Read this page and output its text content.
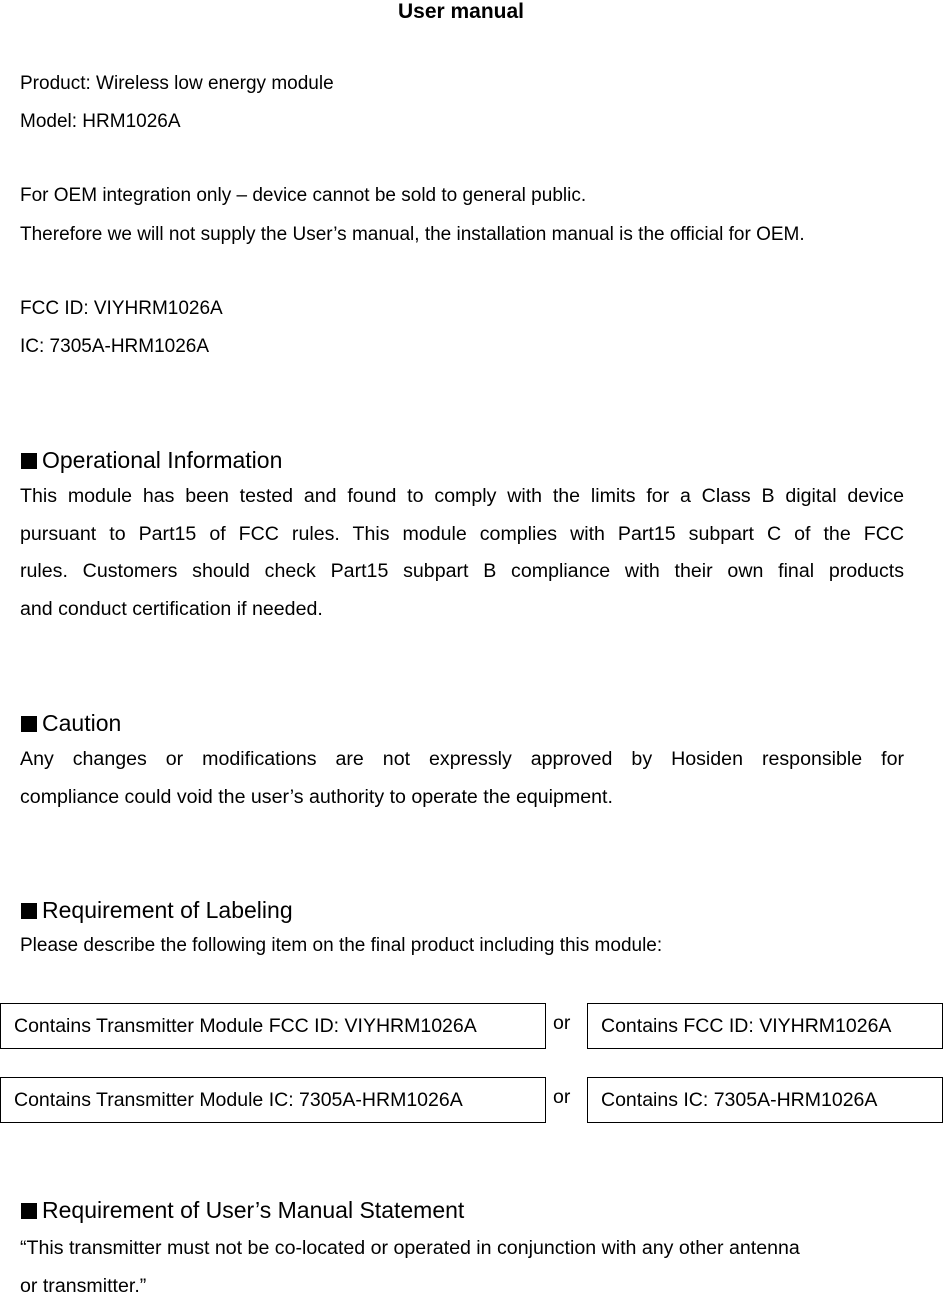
User manual
Product: Wireless low energy module
Model: HRM1026A
For OEM integration only – device cannot be sold to general public.
Therefore we will not supply the User’s manual, the installation manual is the official for OEM.
FCC ID: VIYHRM1026A
IC: 7305A-HRM1026A
Operational Information

This module has been tested and found to comply with the limits for a Class B digital device

pursuant to Part15 of FCC rules. This module complies with Part15 subpart C of the FCC

rules. Customers should check Part15 subpart B compliance with their own final products

and conduct certification if needed.

Caution

Any changes or modifications are not expressly approved by Hosiden responsible for

compliance could void the user’s authority to operate the equipment.

Requirement of Labeling
Please describe the following item on the final product including this module:
Contains Transmitter Module FCC ID: VIYHRM1026A	or	Contains FCC ID: VIYHRM1026A
Contains Transmitter Module IC: 7305A-HRM1026A	or	Contains IC: 7305A-HRM1026A
Requirement of User’s Manual Statement

“This transmitter must not be co-located or operated in conjunction with any other antenna

or transmitter.”
